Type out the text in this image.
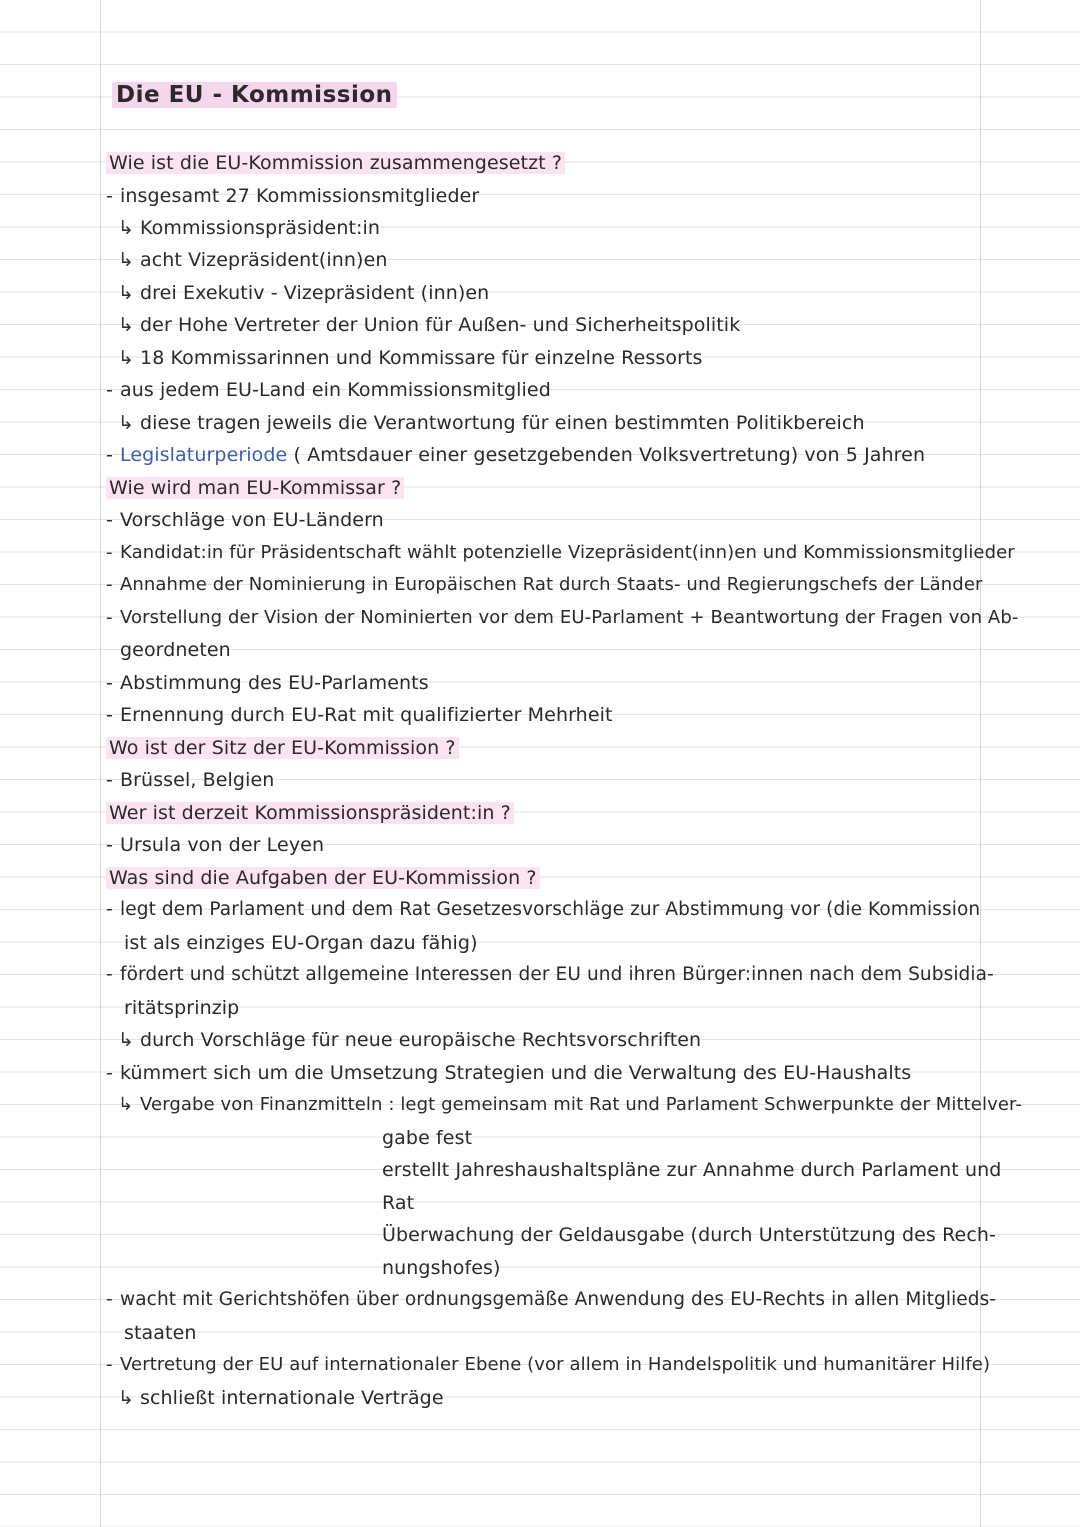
Die EU - Kommission
Wie ist die EU-Kommission zusammengesetzt ?
- insgesamt 27 Kommissionsmitglieder
↳ Kommissionspräsident:in
↳ acht Vizepräsident(inn)en
↳ drei Exekutiv - Vizepräsident (inn)en
↳ der Hohe Vertreter der Union für Außen- und Sicherheitspolitik
↳ 18 Kommissarinnen und Kommissare für einzelne Ressorts
- aus jedem EU-Land ein Kommissionsmitglied
↳ diese tragen jeweils die Verantwortung für einen bestimmten Politikbereich
- Legislaturperiode ( Amtsdauer einer gesetzgebenden Volksvertretung) von 5 Jahren
Wie wird man EU-Kommissar ?
- Vorschläge von EU-Ländern
- Kandidat:in für Präsidentschaft wählt potenzielle Vizepräsident(inn)en und Kommissionsmitglieder
- Annahme der Nominierung in Europäischen Rat durch Staats- und Regierungschefs der Länder
- Vorstellung der Vision der Nominierten vor dem EU-Parlament + Beantwortung der Fragen von Ab-
geordneten
- Abstimmung des EU-Parlaments
- Ernennung durch EU-Rat mit qualifizierter Mehrheit
Wo ist der Sitz der EU-Kommission ?
- Brüssel, Belgien
Wer ist derzeit Kommissionspräsident:in ?
- Ursula von der Leyen
Was sind die Aufgaben der EU-Kommission ?
- legt dem Parlament und dem Rat Gesetzesvorschläge zur Abstimmung vor (die Kommission
ist als einziges EU-Organ dazu fähig)
- fördert und schützt allgemeine Interessen der EU und ihren Bürger:innen nach dem Subsidia-
ritätsprinzip
↳ durch Vorschläge für neue europäische Rechtsvorschriften
- kümmert sich um die Umsetzung Strategien und die Verwaltung des EU-Haushalts
↳ Vergabe von Finanzmitteln : legt gemeinsam mit Rat und Parlament Schwerpunkte der Mittelver-
gabe fest
erstellt Jahreshaushaltspläne zur Annahme durch Parlament und
Rat
Überwachung der Geldausgabe (durch Unterstützung des Rech-
nungshofes)
- wacht mit Gerichtshöfen über ordnungsgemäße Anwendung des EU-Rechts in allen Mitglieds-
staaten
- Vertretung der EU auf internationaler Ebene (vor allem in Handelspolitik und humanitärer Hilfe)
↳ schließt internationale Verträge
